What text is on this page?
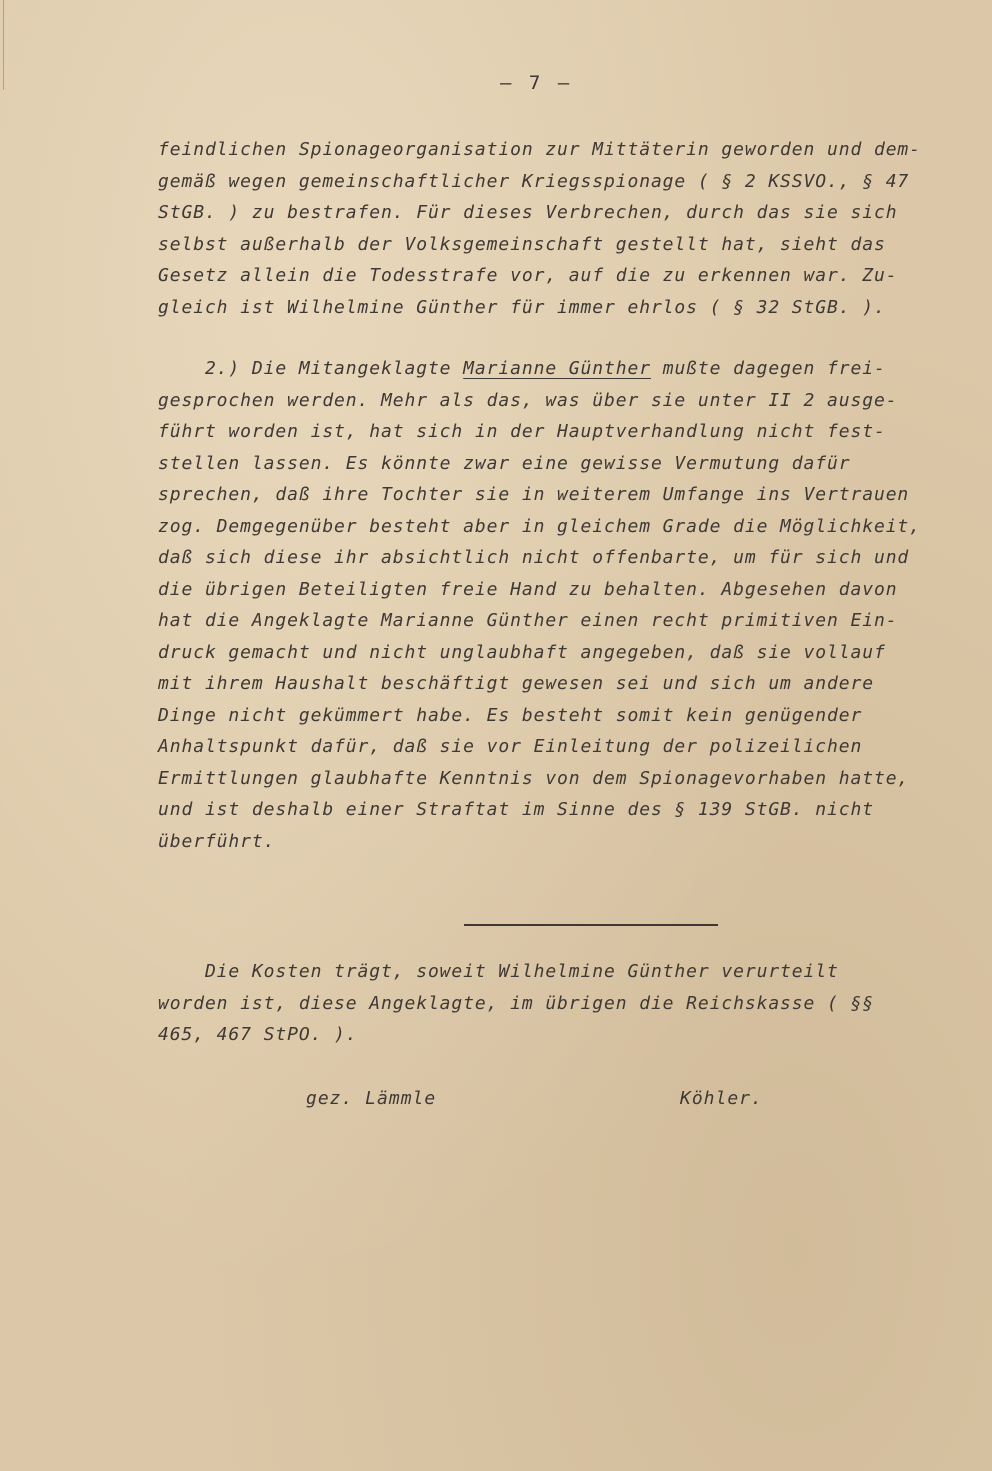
– 7 –
feindlichen Spionageorganisation zur Mittäterin geworden und dem-
gemäß wegen gemeinschaftlicher Kriegsspionage ( § 2 KSSVO., § 47
StGB. ) zu bestrafen. Für dieses Verbrechen, durch das sie sich
selbst außerhalb der Volksgemeinschaft gestellt hat, sieht das
Gesetz allein die Todesstrafe vor, auf die zu erkennen war. Zu-
gleich ist Wilhelmine Günther für immer ehrlos ( § 32 StGB. ).
2.) Die Mitangeklagte Marianne Günther mußte dagegen frei-
gesprochen werden. Mehr als das, was über sie unter II 2 ausge-
führt worden ist, hat sich in der Hauptverhandlung nicht fest-
stellen lassen. Es könnte zwar eine gewisse Vermutung dafür
sprechen, daß ihre Tochter sie in weiterem Umfange ins Vertrauen
zog. Demgegenüber besteht aber in gleichem Grade die Möglichkeit,
daß sich diese ihr absichtlich nicht offenbarte, um für sich und
die übrigen Beteiligten freie Hand zu behalten. Abgesehen davon
hat die Angeklagte Marianne Günther einen recht primitiven Ein-
druck gemacht und nicht unglaubhaft angegeben, daß sie vollauf
mit ihrem Haushalt beschäftigt gewesen sei und sich um andere
Dinge nicht gekümmert habe. Es besteht somit kein genügender
Anhaltspunkt dafür, daß sie vor Einleitung der polizeilichen
Ermittlungen glaubhafte Kenntnis von dem Spionagevorhaben hatte,
und ist deshalb einer Straftat im Sinne des § 139 StGB. nicht
überführt.
Die Kosten trägt, soweit Wilhelmine Günther verurteilt
worden ist, diese Angeklagte, im übrigen die Reichskasse ( §§
465, 467 StPO. ).
gez. Lämmle	Köhler.
